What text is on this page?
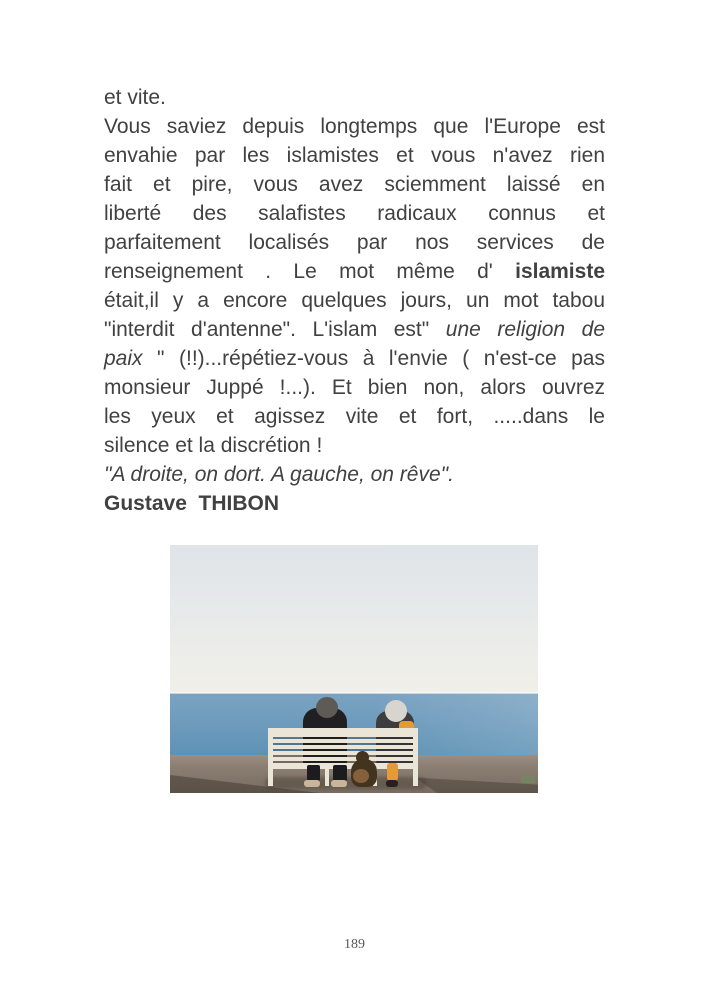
et vite.
Vous saviez depuis longtemps que l'Europe est
envahie par les islamistes et vous n'avez rien
fait et pire, vous avez sciemment laissé en
liberté des salafistes radicaux connus et
parfaitement localisés par nos services de
renseignement . Le mot même d' islamiste
était,il y a encore quelques jours, un mot tabou
"interdit d'antenne". L'islam est" une religion de
paix " (!!)...répétiez-vous à l'envie ( n'est-ce pas
monsieur Juppé !...). Et bien non, alors ouvrez
les yeux et agissez vite et fort, .....dans le
silence et la discrétion !
"A droite, on dort. A gauche, on rêve".
Gustave  THIBON
189
